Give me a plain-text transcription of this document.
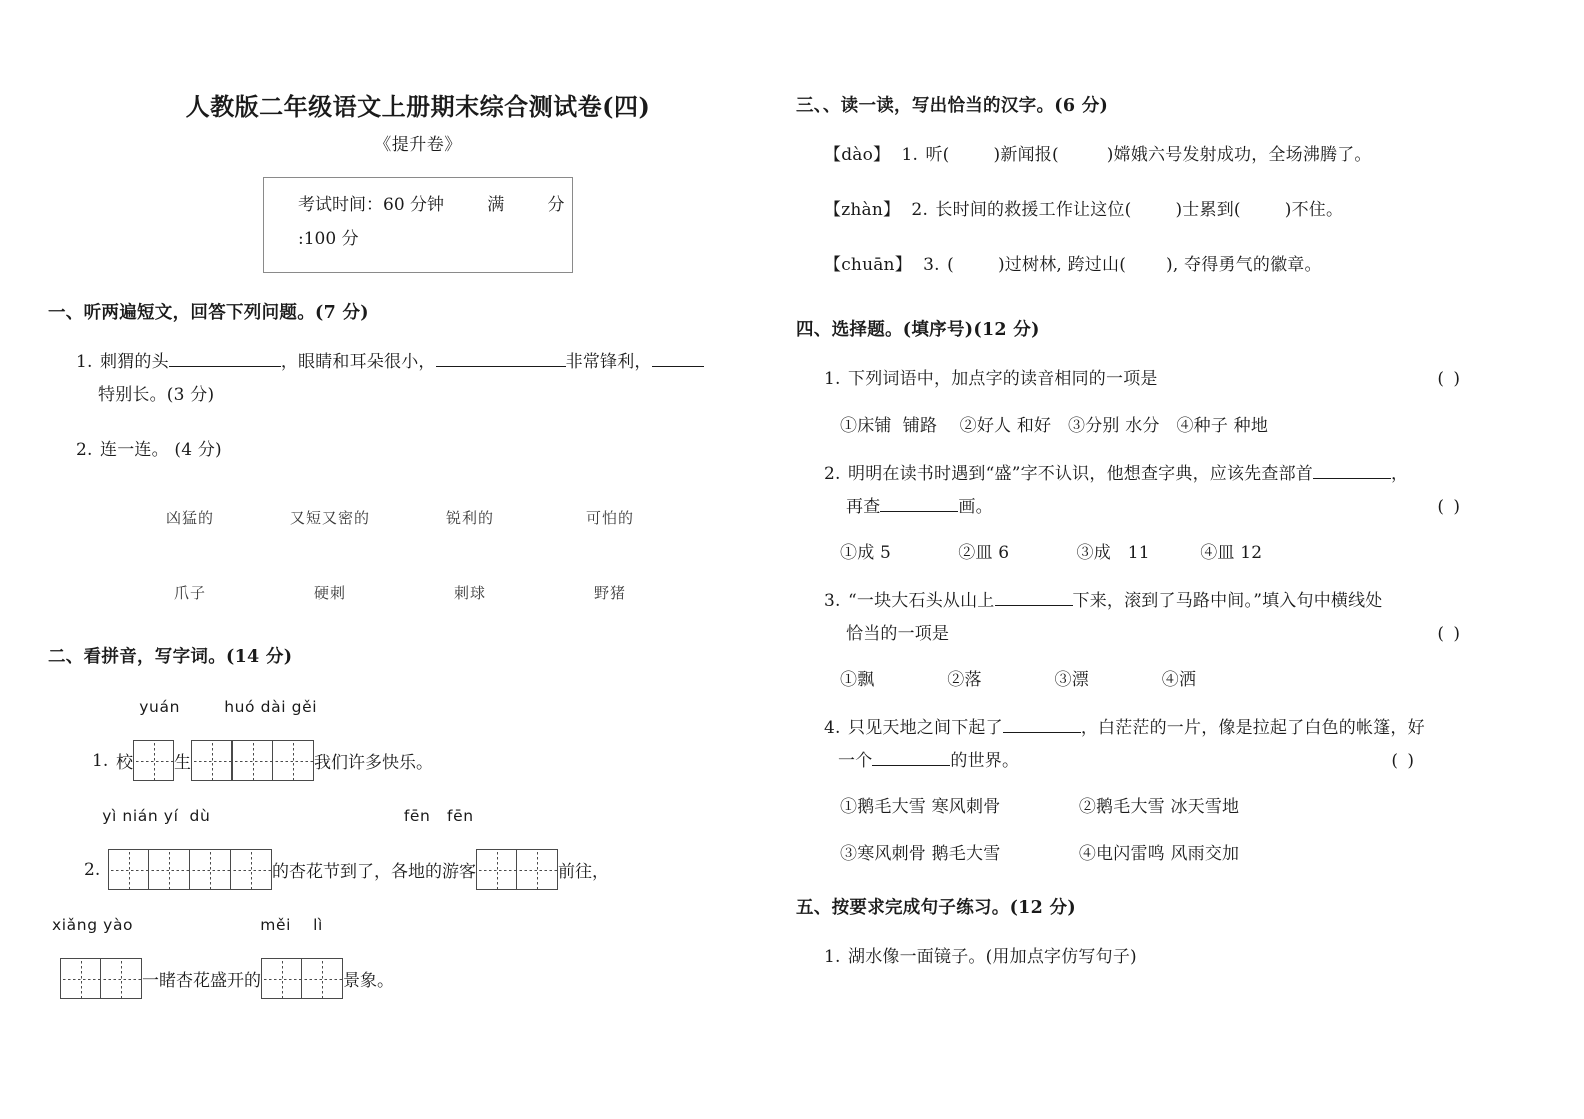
人教版二年级语文上册期末综合测试卷(四)
《提升卷》
考试时间：60 分钟        满        分
:100 分
一、听两遍短文，回答下列问题。(7 分)
1. 刺猬的头	，眼睛和耳朵很小，	非常锋利，
特别长。(3 分)
2. 连一连。 (4 分)
凶猛的	又短又密的	锐利的	可怕的
爪子	硬刺	刺球	野猪
二、看拼音，写字词。(14 分)
yuán        huó dài gěi
1. 校 生	我们许多快乐。
yì nián yí  dù                                   fēn   fēn
2.	的杏花节到了，各地的游客	前往，
xiǎng yào                       měi    lì
一睹杏花盛开的	景象。
三、、读一读，写出恰当的汉字。(6 分)
【dào】 1. 听(	)新闻报(	)嫦娥六号发射成功，全场沸腾了。
【zhàn】 2. 长时间的救援工作让这位(	)士累到(	)不住。
【chuān】 3. (	)过树林, 跨过山( ), 夺得勇气的徽章。
四、选择题。(填序号)(12 分)
1. 下列词语中，加点字的读音相同的一项是	( )
①床铺  铺路    ②好人 和好   ③分别 水分   ④种子 种地
2. 明明在读书时遇到“盛”字不认识，他想查字典，应该先查部首	，
再查	画。	( )
①成 5            ②皿 6            ③成   11         ④皿 12
3. “一块大石头从山上	下来，滚到了马路中间。”填入句中横线处
恰当的一项是	( )
①飘             ②落             ③漂             ④洒
4. 只见天地之间下起了	，白茫茫的一片，像是拉起了白色的帐篷，好
一个	的世界。	( )
①鹅毛大雪 寒风刺骨              ②鹅毛大雪 冰天雪地
③寒风刺骨 鹅毛大雪              ④电闪雷鸣 风雨交加
五、按要求完成句子练习。(12 分)
1. 湖水像一面镜子。(用加点字仿写句子)
